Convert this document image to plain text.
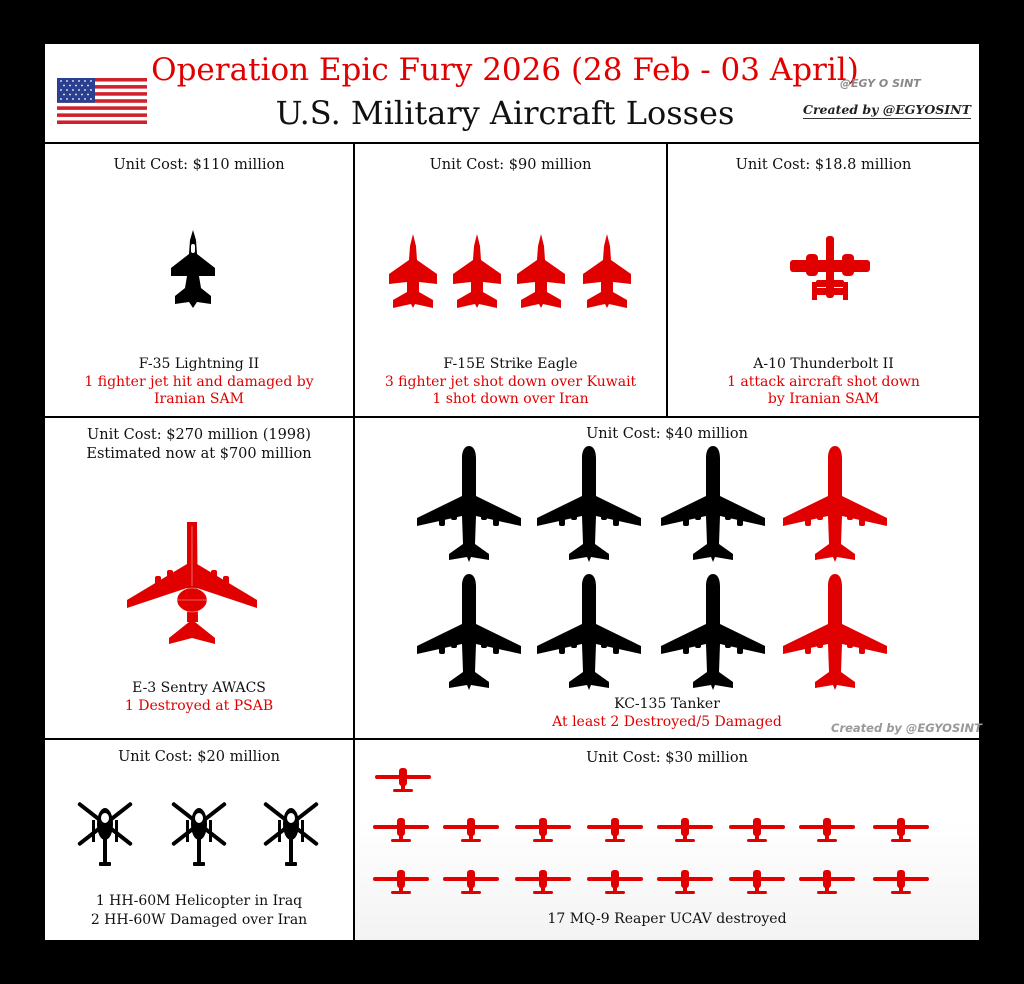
Operation Epic Fury 2026 (28 Feb - 03 April)
U.S. Military Aircraft Losses
@EGY O SINT
Created by @EGYOSINT
Unit Cost: $110 million
F-35 Lightning II
1 fighter jet hit and damaged by
Iranian SAM
Unit Cost: $90 million
F-15E Strike Eagle
3 fighter jet shot down over Kuwait
1 shot down over Iran
Unit Cost: $18.8 million
A-10 Thunderbolt II
1 attack aircraft shot down
by Iranian SAM
Unit Cost: $270 million (1998)
Estimated now at $700 million
E-3 Sentry AWACS
1 Destroyed at PSAB
Unit Cost: $40 million
KC-135 Tanker
At least 2 Destroyed/5 Damaged	Created by @EGYOSINT
Unit Cost: $20 million
1 HH-60M Helicopter in Iraq
2 HH-60W Damaged over Iran
Unit Cost: $30 million
17 MQ-9 Reaper UCAV destroyed
